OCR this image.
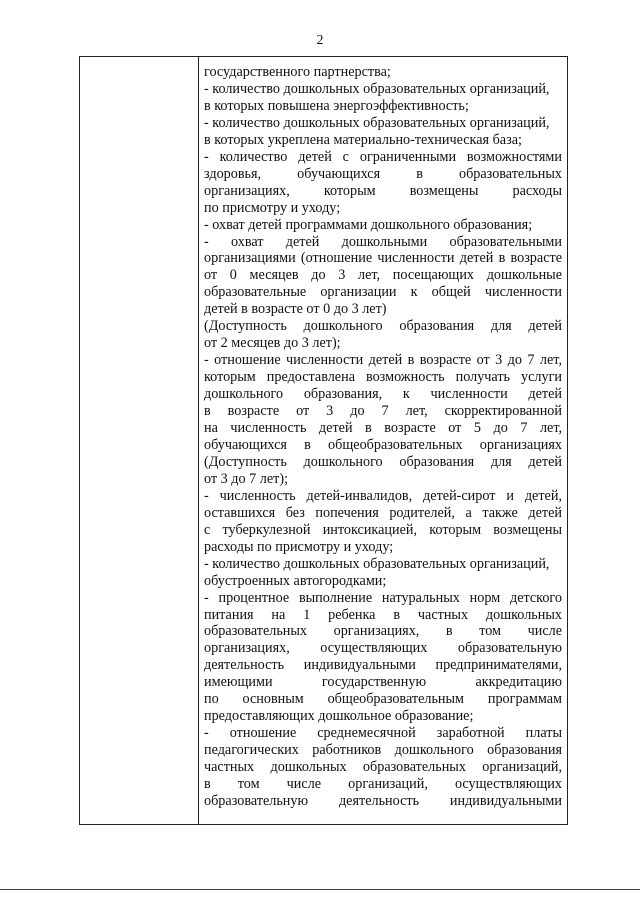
2
государственного партнерства;
- количество дошкольных образовательных организаций,
в которых повышена энергоэффективность;
- количество дошкольных образовательных организаций,
в которых укреплена материально-техническая база;
- количество детей с ограниченными возможностями
здоровья, обучающихся в образовательных
организациях, которым возмещены расходы
по присмотру и уходу;
- охват детей программами дошкольного образования;
- охват детей дошкольными образовательными
организациями (отношение численности детей в возрасте
от 0 месяцев до 3 лет, посещающих дошкольные
образовательные организации к общей численности
детей в возрасте от 0 до 3 лет)
(Доступность дошкольного образования для детей
от 2 месяцев до 3 лет);
- отношение численности детей в возрасте от 3 до 7 лет,
которым предоставлена возможность получать услуги
дошкольного образования, к численности детей
в возрасте от 3 до 7 лет, скорректированной
на численность детей в возрасте от 5 до 7 лет,
обучающихся в общеобразовательных организациях
(Доступность дошкольного образования для детей
от 3 до 7 лет);
- численность детей-инвалидов, детей-сирот и детей,
оставшихся без попечения родителей, а также детей
с туберкулезной интоксикацией, которым возмещены
расходы по присмотру и уходу;
- количество дошкольных образовательных организаций,
обустроенных автогородками;
- процентное выполнение натуральных норм детского
питания на 1 ребенка в частных дошкольных
образовательных организациях, в том числе
организациях, осуществляющих образовательную
деятельность индивидуальными предпринимателями,
имеющими государственную аккредитацию
по основным общеобразовательным программам
предоставляющих дошкольное образование;
- отношение среднемесячной заработной платы
педагогических работников дошкольного образования
частных дошкольных образовательных организаций,
в том числе организаций, осуществляющих
образовательную деятельность индивидуальными
